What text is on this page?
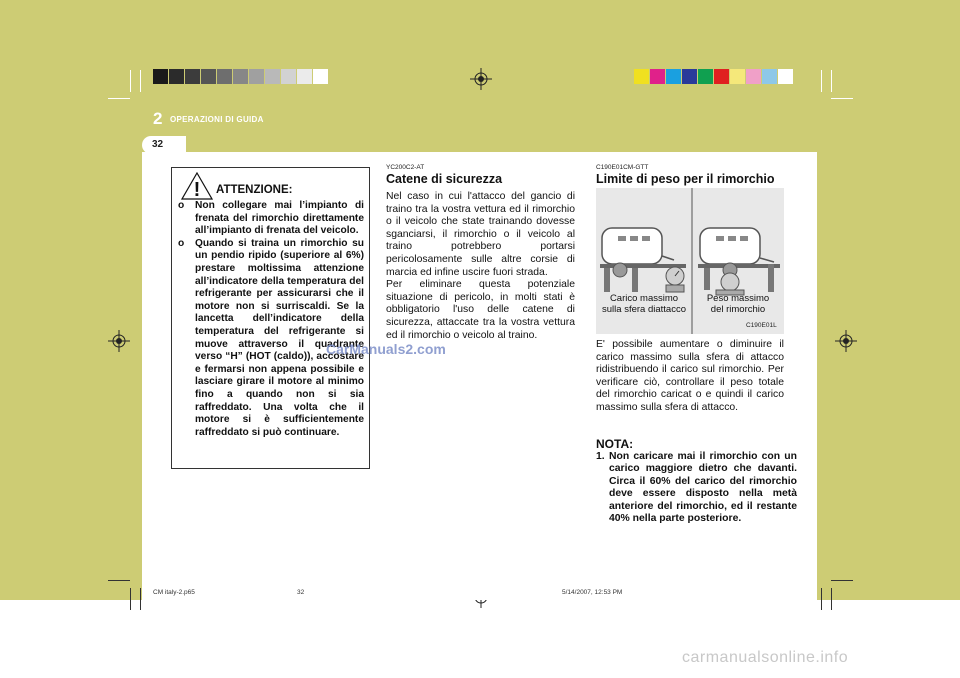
2 OPERAZIONI DI GUIDA
32
! ATTENZIONE:

o Non collegare mai l’impianto di frenata del rimorchio direttamente all’impianto di frenata del veicolo.

o Quando si traina un rimorchio su un pendio ripido (superiore al 6%) prestare moltissima attenzione all’indicatore della temperatura del refrigerante per assicurarsi che il motore non si surriscaldi. Se la lancetta dell’indicatore della temperatura del refrigerante si muove attraverso il quadrante verso “H” (HOT (caldo)), accostare e fermarsi non appena possibile e lasciare girare il motore al minimo fino a quando non si sia raffreddato. Una volta che il motore si è sufficientemente raffreddato si può continuare.

YC200C2-AT
Catene di sicurezza
Nel caso in cui l'attacco del gancio di traino tra la vostra vettura ed il rimorchio o il veicolo che state trainando dovesse sganciarsi, il rimorchio o il veicolo al traino potrebbero portarsi pericolosamente sulle altre corsie di marcia ed infine uscire fuori strada.
Per eliminare questa potenziale situazione di pericolo, in molti stati è obbligatorio l'uso delle catene di sicurezza, attaccate tra la vostra vettura ed il rimorchio o veicolo al traino.
C190E01CM-GTT
Limite di peso per il rimorchio
Carico massimo
sulla sfera diattacco
Peso massimo
del rimorchio
C190E01L
E' possibile aumentare o diminuire il carico massimo sulla sfera di attacco ridistribuendo il carico sul rimorchio. Per verificare ciò, controllare il peso totale del rimorchio caricat o e quindi il carico massimo sulla sfera di attacco.
NOTA:
1. Non caricare mai il rimorchio con un carico maggiore dietro che davanti. Circa il 60% del carico del rimorchio deve essere disposto nella metà anteriore del rimorchio, ed il restante 40% nella parte posteriore.
CarManuals2.com
CM italy-2.p65	32	5/14/2007, 12:53 PM
carmanualsonline.info
